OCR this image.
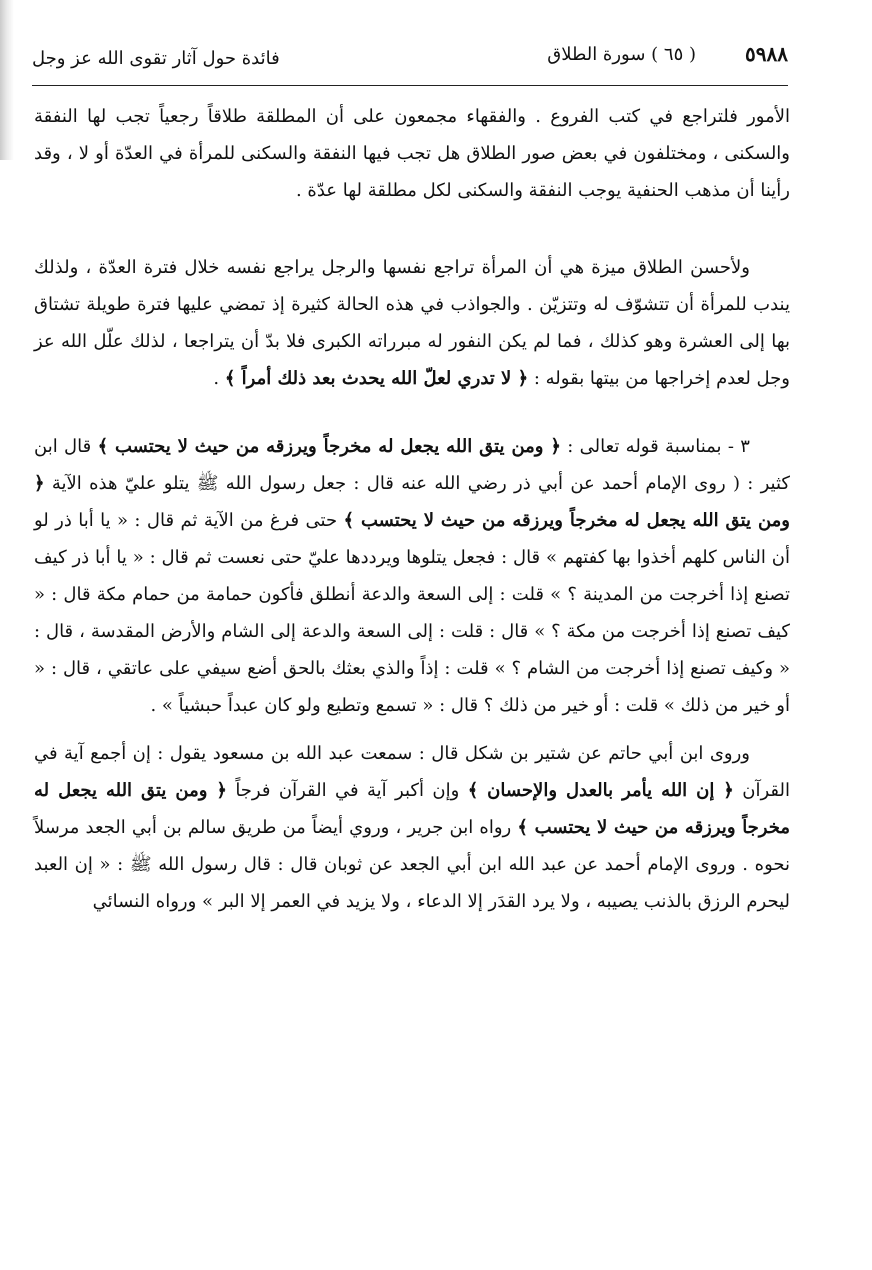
٥٩٨٨
( ٦٥ ) سورة الطلاق
فائدة حول آثار تقوى الله عز وجل

الأمور فلتراجع في كتب الفروع . والفقهاء مجمعون على أن المطلقة طلاقاً رجعياً تجب لها النفقة والسكنى ، ومختلفون في بعض صور الطلاق هل تجب فيها النفقة والسكنى للمرأة في العدّة أو لا ، وقد رأينا أن مذهب الحنفية يوجب النفقة والسكنى لكل مطلقة لها عدّة .

ولأحسن الطلاق ميزة هي أن المرأة تراجع نفسها والرجل يراجع نفسه خلال فترة العدّة ، ولذلك يندب للمرأة أن تتشوّف له وتتزيّن . والجواذب في هذه الحالة كثيرة إذ تمضي عليها فترة طويلة تشتاق بها إلى العشرة وهو كذلك ، فما لم يكن النفور له مبرراته الكبرى فلا بدّ أن يتراجعا ، لذلك علّل الله عز وجل لعدم إخراجها من بيتها بقوله : ﴿ لا تدري لعلّ الله يحدث بعد ذلك أمراً ﴾ .

٣ - بمناسبة قوله تعالى : ﴿ ومن يتق الله يجعل له مخرجاً ويرزقه من حيث لا يحتسب ﴾ قال ابن كثير : ( روى الإمام أحمد عن أبي ذر رضي الله عنه قال : جعل رسول الله ﷺ يتلو عليّ هذه الآية ﴿ ومن يتق الله يجعل له مخرجاً ويرزقه من حيث لا يحتسب ﴾ حتى فرغ من الآية ثم قال : « يا أبا ذر لو أن الناس كلهم أخذوا بها كفتهم » قال : فجعل يتلوها ويرددها عليّ حتى نعست ثم قال : « يا أبا ذر كيف تصنع إذا أخرجت من المدينة ؟ » قلت : إلى السعة والدعة أنطلق فأكون حمامة من حمام مكة قال : « كيف تصنع إذا أخرجت من مكة ؟ » قال : قلت : إلى السعة والدعة إلى الشام والأرض المقدسة ، قال : « وكيف تصنع إذا أخرجت من الشام ؟ » قلت : إذاً والذي بعثك بالحق أضع سيفي على عاتقي ، قال : « أو خير من ذلك » قلت : أو خير من ذلك ؟ قال : « تسمع وتطيع ولو كان عبداً حبشياً » .

وروى ابن أبي حاتم عن شتير بن شكل قال : سمعت عبد الله بن مسعود يقول : إن أجمع آية في القرآن ﴿ إن الله يأمر بالعدل والإحسان ﴾ وإن أكبر آية في القرآن فرجاً ﴿ ومن يتق الله يجعل له مخرجاً ويرزقه من حيث لا يحتسب ﴾ رواه ابن جرير ، وروي أيضاً من طريق سالم بن أبي الجعد مرسلاً نحوه . وروى الإمام أحمد عن عبد الله ابن أبي الجعد عن ثوبان قال : قال رسول الله ﷺ : « إن العبد ليحرم الرزق بالذنب يصيبه ، ولا يرد القدَر إلا الدعاء ، ولا يزيد في العمر إلا البر » ورواه النسائي
